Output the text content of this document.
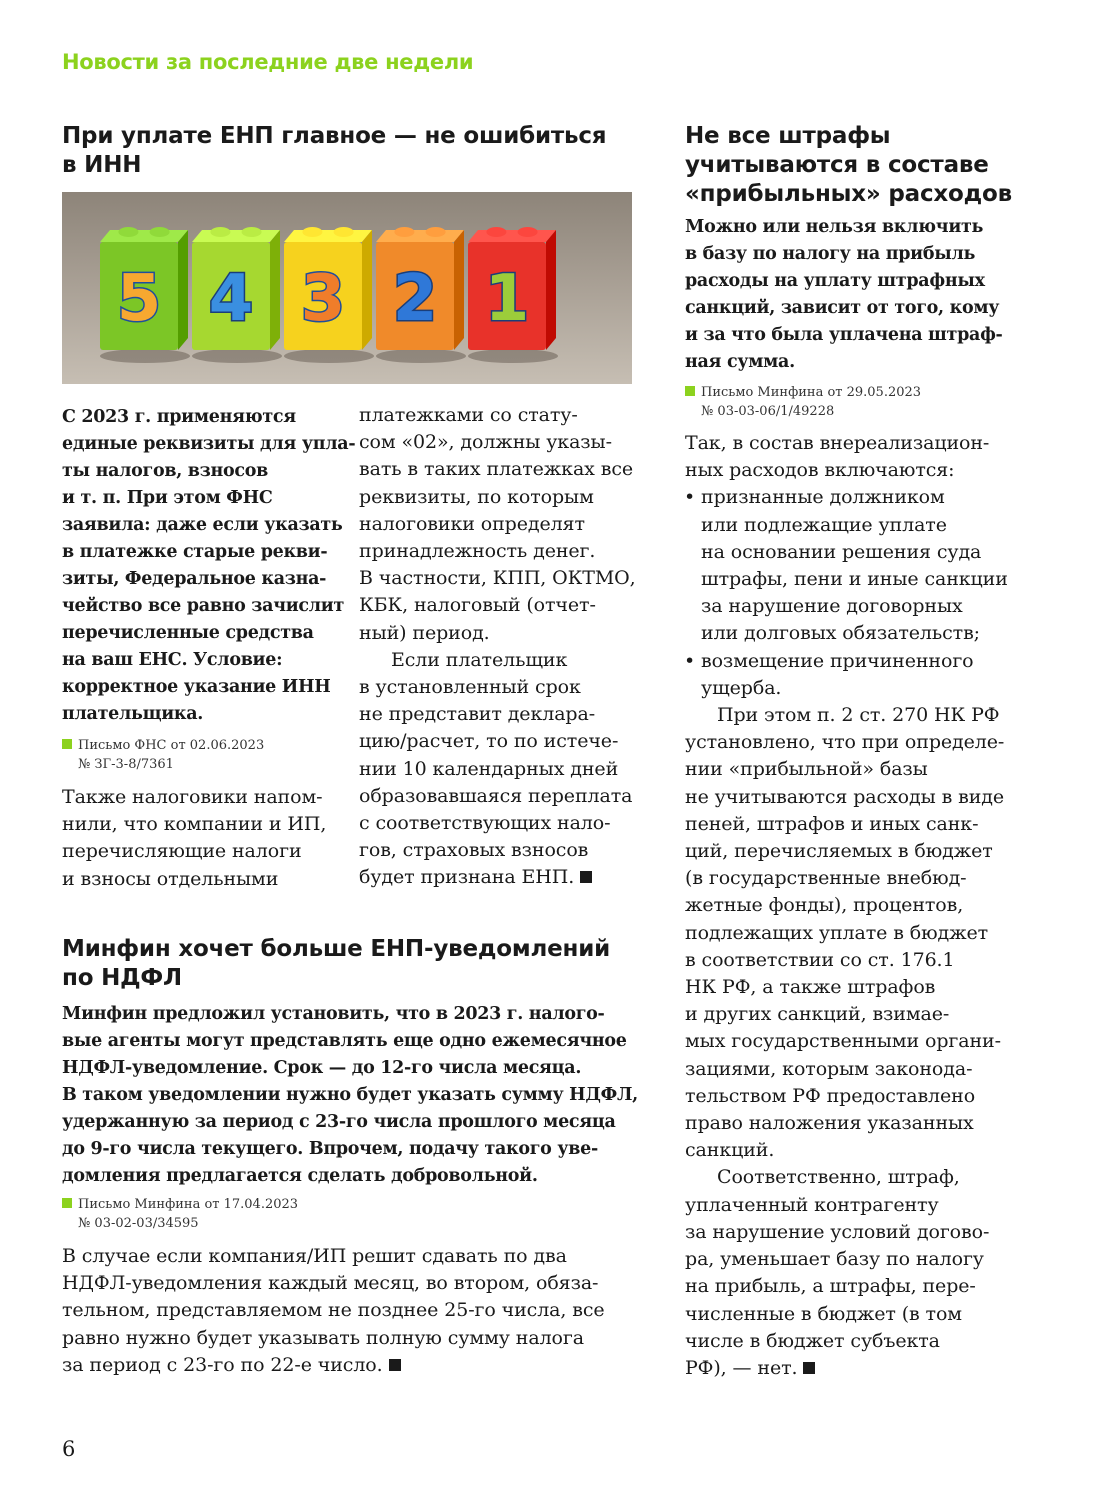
Новости за последние две недели
При уплате ЕНП главное — не ошибиться
в ИНН
5 4 3 2 1
С 2023 г. применяются
единые реквизиты для упла-
ты налогов, взносов
и т. п. При этом ФНС
заявила: даже если указать
в платежке старые рекви-
зиты, Федеральное казна-
чейство все равно зачислит
перечисленные средства
на ваш ЕНС. Условие:
корректное указание ИНН
плательщика.
Письмо ФНС от 02.06.2023
№ ЗГ-3-8/7361
Также налоговики напом-
нили, что компании и ИП,
перечисляющие налоги
и взносы отдельными
платежками со стату-
сом «02», должны указы-
вать в таких платежках все
реквизиты, по которым
налоговики определят
принадлежность денег.
В частности, КПП, ОКТМО,
КБК, налоговый (отчет-
ный) период.
Если плательщик
в установленный срок
не представит деклара-
цию/расчет, то по истече-
нии 10 календарных дней
образовавшаяся переплата
с соответствующих нало-
гов, страховых взносов
будет признана ЕНП.
Минфин хочет больше ЕНП-уведомлений
по НДФЛ
Минфин предложил установить, что в 2023 г. налого-
вые агенты могут представлять еще одно ежемесячное
НДФЛ-уведомление. Срок — до 12-го числа месяца.
В таком уведомлении нужно будет указать сумму НДФЛ,
удержанную за период с 23-го числа прошлого месяца
до 9-го числа текущего. Впрочем, подачу такого уве-
домления предлагается сделать добровольной.
Письмо Минфина от 17.04.2023
№ 03-02-03/34595
В случае если компания/ИП решит сдавать по два
НДФЛ-уведомления каждый месяц, во втором, обяза-
тельном, представляемом не позднее 25-го числа, все
равно нужно будет указывать полную сумму налога
за период с 23-го по 22-е число.
Не все штрафы
учитываются в составе
«прибыльных» расходов
Можно или нельзя включить
в базу по налогу на прибыль
расходы на уплату штрафных
санкций, зависит от того, кому
и за что была уплачена штраф-
ная сумма.
Письмо Минфина от 29.05.2023
№ 03-03-06/1/49228
Так, в состав внереализацион-
ных расходов включаются:
• признанные должником
или подлежащие уплате
на основании решения суда
штрафы, пени и иные санкции
за нарушение договорных
или долговых обязательств;
• возмещение причиненного
ущерба.
При этом п. 2 ст. 270 НК РФ
установлено, что при определе-
нии «прибыльной» базы
не учитываются расходы в виде
пеней, штрафов и иных санк-
ций, перечисляемых в бюджет
(в государственные внебюд-
жетные фонды), процентов,
подлежащих уплате в бюджет
в соответствии со ст. 176.1
НК РФ, а также штрафов
и других санкций, взимае-
мых государственными органи-
зациями, которым законода-
тельством РФ предоставлено
право наложения указанных
санкций.
Соответственно, штраф,
уплаченный контрагенту
за нарушение условий догово-
ра, уменьшает базу по налогу
на прибыль, а штрафы, пере-
численные в бюджет (в том
числе в бюджет субъекта
РФ), — нет.
6
